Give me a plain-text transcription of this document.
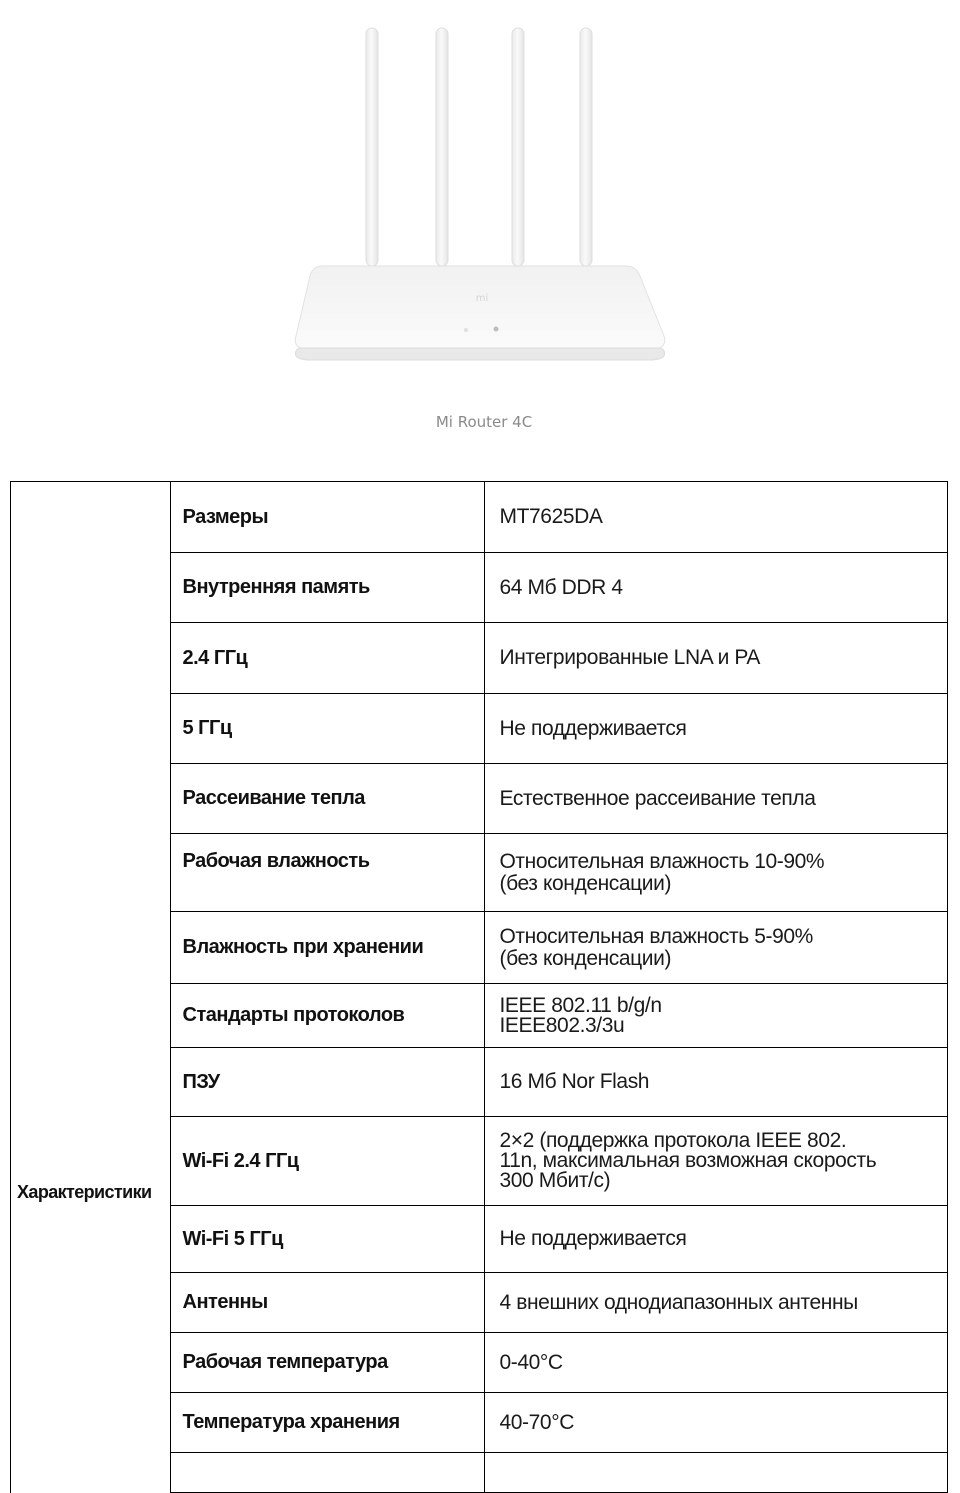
mi
Mi Router 4C
Характеристики	Размеры	MT7625DA
	Внутренняя память	64 Мб DDR 4
	2.4 ГГц	Интегрированные LNA и PA
	5 ГГц	Не поддерживается
	Рассеивание тепла	Естественное рассеивание тепла
	Рабочая влажность	Относительная влажность 10-90%(без конденсации)
	Влажность при хранении	Относительная влажность 5-90%(без конденсации)
	Стандарты протоколов	IEEE 802.11 b/g/n IEEE802.3/3u
	ПЗУ	16 Мб Nor Flash
	Wi-Fi 2.4 ГГц	2×2 (поддержка протокола IEEE 802. 11n, максимальная возможная скорость 300 Мбит/с)
	Wi-Fi 5 ГГц	Не поддерживается
	Антенны	4 внешних однодиапазонных антенны
	Рабочая температура	0-40°C
	Температура хранения	40-70°C
